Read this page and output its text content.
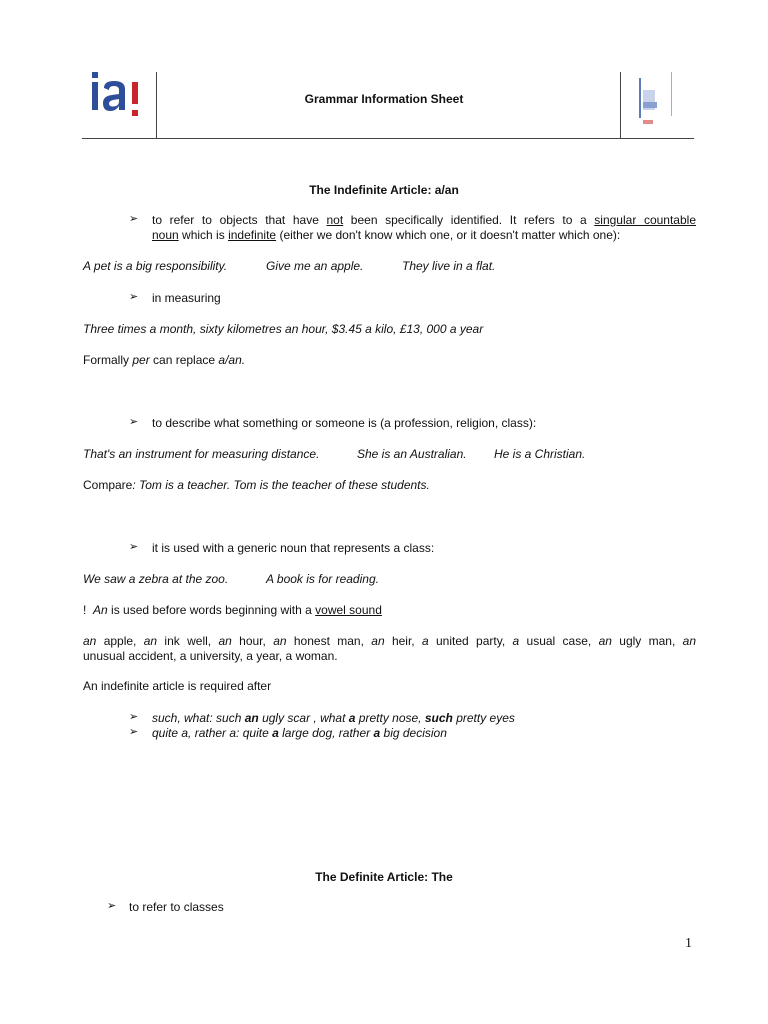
Grammar Information Sheet
The Indefinite Article: a/an
➢ to refer to objects that have not been specifically identified. It refers to a singular countable
noun which is indefinite (either we don't know which one, or it doesn't matter which one):
A pet is a big responsibility.	Give me an apple.	They live in a flat.
➢ in measuring
Three times a month, sixty kilometres an hour, $3.45 a kilo, £13, 000 a year
Formally per can replace a/an.
➢ to describe what something or someone is (a profession, religion, class):
That's an instrument for measuring distance.	She is an Australian. He is a Christian.
Compare: Tom is a teacher. Tom is the teacher of these students.
➢ it is used with a generic noun that represents a class:
We saw a zebra at the zoo.	A book is for reading.
! An is used before words beginning with a vowel sound
an apple, an ink well, an hour, an honest man, an heir, a united party, a usual case, an ugly man, an
unusual accident, a university, a year, a woman.
An indefinite article is required after
➢ such, what: such an ugly scar , what a pretty nose, such pretty eyes
➢ quite a, rather a: quite a large dog, rather a big decision
The Definite Article: The
➢ to refer to classes
1
